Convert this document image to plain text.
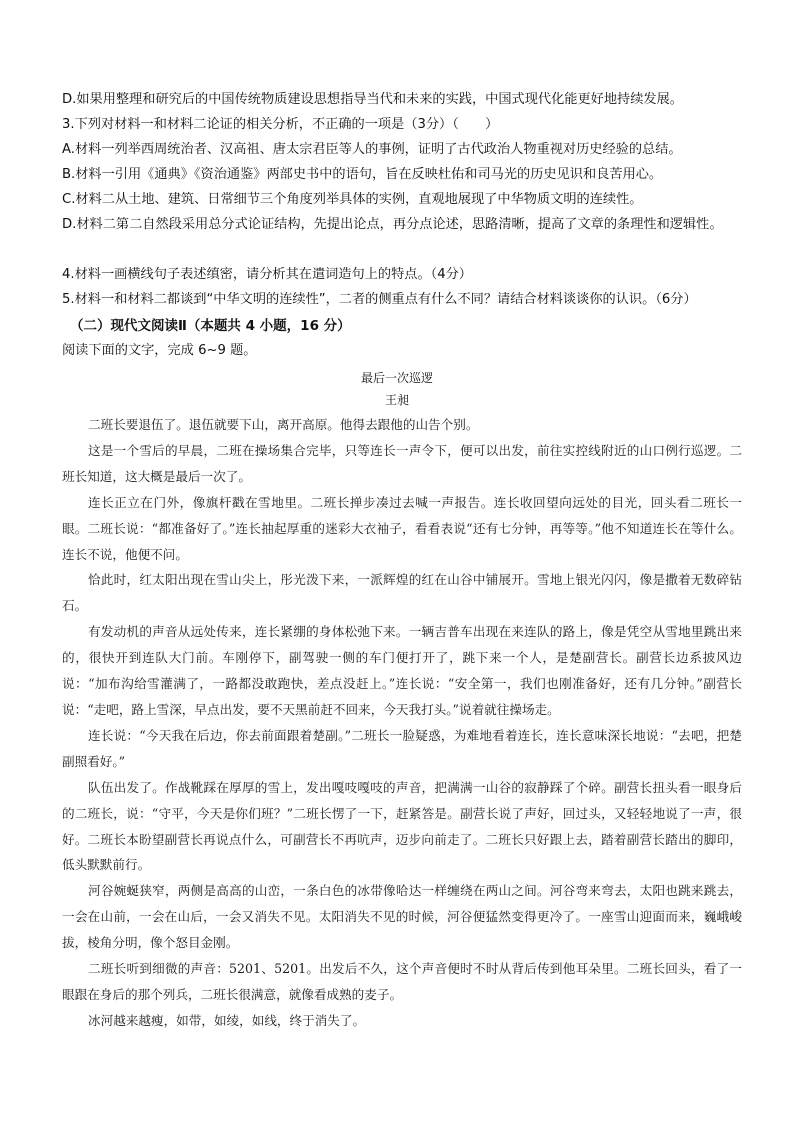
D.如果用整理和研究后的中国传统物质建设思想指导当代和未来的实践，中国式现代化能更好地持续发展。
3.下列对材料一和材料二论证的相关分析，不正确的一项是（3分）（　　）
A.材料一列举西周统治者、汉高祖、唐太宗君臣等人的事例，证明了古代政治人物重视对历史经验的总结。
B.材料一引用《通典》《资治通鉴》两部史书中的语句，旨在反映杜佑和司马光的历史见识和良苦用心。
C.材料二从土地、建筑、日常细节三个角度列举具体的实例，直观地展现了中华物质文明的连续性。
D.材料二第二自然段采用总分式论证结构，先提出论点，再分点论述，思路清晰，提高了文章的条理性和逻辑性。
4.材料一画横线句子表述缜密，请分析其在遣词造句上的特点。（4分）
5.材料一和材料二都谈到“中华文明的连续性”，二者的侧重点有什么不同？请结合材料谈谈你的认识。（6分）
（二）现代文阅读Ⅱ（本题共 4 小题，16 分）
阅读下面的文字，完成 6~9 题。
最后一次巡逻
王昶

二班长要退伍了。退伍就要下山，离开高原。他得去跟他的山告个别。

这是一个雪后的早晨，二班在操场集合完毕，只等连长一声令下，便可以出发，前往实控线附近的山口例行巡逻。二班长知道，这大概是最后一次了。

连长正立在门外，像旗杆戳在雪地里。二班长掸步凑过去喊一声报告。连长收回望向远处的目光，回头看二班长一眼。二班长说：“都准备好了。”连长抽起厚重的迷彩大衣袖子，看看表说“还有七分钟，再等等。”他不知道连长在等什么。连长不说，他便不问。

恰此时，红太阳出现在雪山尖上，彤光泼下来，一派辉煌的红在山谷中铺展开。雪地上银光闪闪，像是撒着无数碎钻石。

有发动机的声音从远处传来，连长紧绷的身体松弛下来。一辆吉普车出现在来连队的路上，像是凭空从雪地里跳出来的，很快开到连队大门前。车刚停下，副驾驶一侧的车门便打开了，跳下来一个人，是楚副营长。副营长边系披风边说：“加布沟给雪灌满了，一路都没敢跑快，差点没赶上。”连长说：“安全第一，我们也刚准备好，还有几分钟。”副营长说：“走吧，路上雪深，早点出发，要不天黑前赶不回来，今天我打头。”说着就往操场走。

连长说：“今天我在后边，你去前面跟着楚副。”二班长一脸疑惑，为难地看着连长，连长意味深长地说：“去吧，把楚副照看好。”

队伍出发了。作战靴踩在厚厚的雪上，发出嘎吱嘎吱的声音，把满满一山谷的寂静踩了个碎。副营长扭头看一眼身后的二班长，说：“守平，今天是你们班？”二班长愣了一下，赶紧答是。副营长说了声好，回过头，又轻轻地说了一声，很好。二班长本盼望副营长再说点什么，可副营长不再吭声，迈步向前走了。二班长只好跟上去，踏着副营长踏出的脚印，低头默默前行。

河谷婉蜒狭窄，两侧是高高的山峦，一条白色的冰带像哈达一样缠绕在两山之间。河谷弯来弯去，太阳也跳来跳去，一会在山前，一会在山后，一会又消失不见。太阳消失不见的时候，河谷便猛然变得更冷了。一座雪山迎面而来，巍峨峻拔，棱角分明，像个怒目金刚。

二班长听到细微的声音：5201、5201。出发后不久，这个声音便时不时从背后传到他耳朵里。二班长回头，看了一眼跟在身后的那个列兵，二班长很满意，就像看成熟的麦子。

冰河越来越瘦，如带，如绫，如线，终于消失了。
